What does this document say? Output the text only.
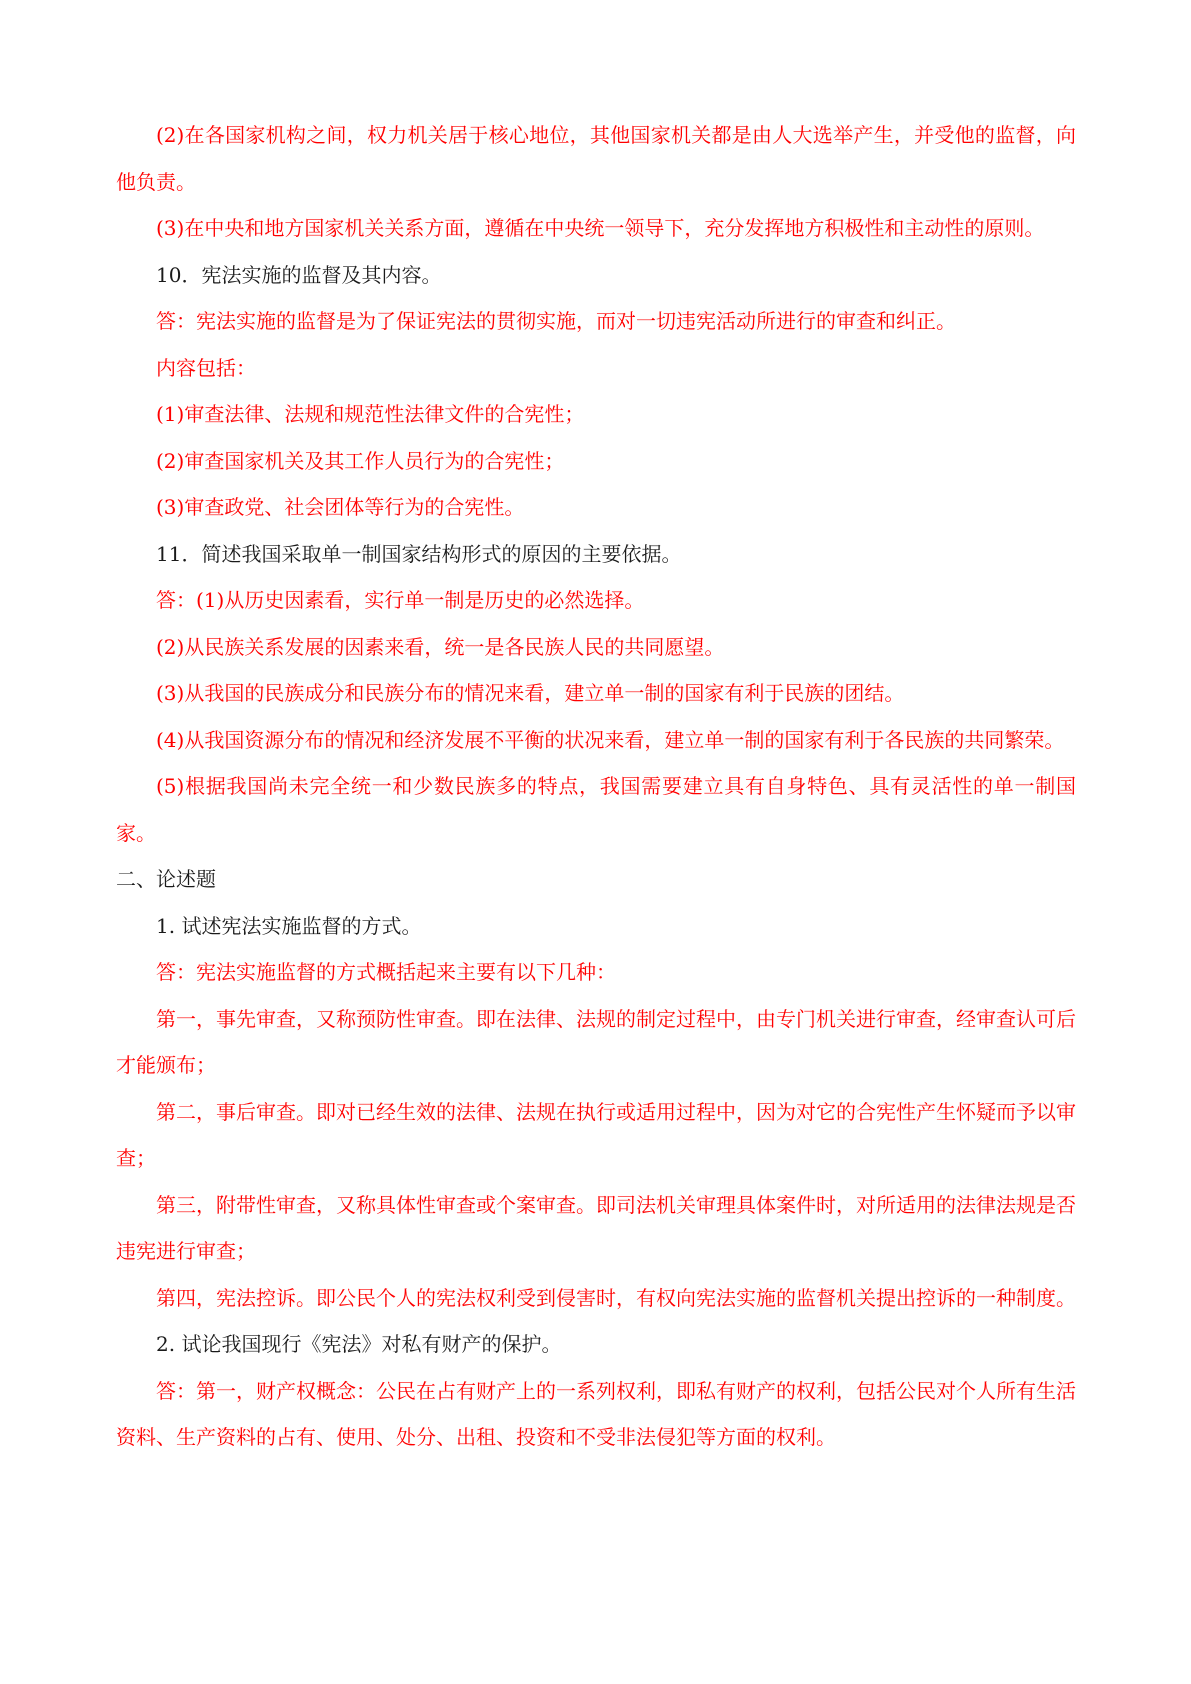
(2)在各国家机构之间，权力机关居于核心地位，其他国家机关都是由人大选举产生，并受他的监督，向他负责。

(3)在中央和地方国家机关关系方面，遵循在中央统一领导下，充分发挥地方积极性和主动性的原则。

10．宪法实施的监督及其内容。

答：宪法实施的监督是为了保证宪法的贯彻实施，而对一切违宪活动所进行的审查和纠正。

内容包括：

(1)审查法律、法规和规范性法律文件的合宪性；

(2)审查国家机关及其工作人员行为的合宪性；

(3)审查政党、社会团体等行为的合宪性。

11．简述我国采取单一制国家结构形式的原因的主要依据。

答：(1)从历史因素看，实行单一制是历史的必然选择。

(2)从民族关系发展的因素来看，统一是各民族人民的共同愿望。

(3)从我国的民族成分和民族分布的情况来看，建立单一制的国家有利于民族的团结。

(4)从我国资源分布的情况和经济发展不平衡的状况来看，建立单一制的国家有利于各民族的共同繁荣。

(5)根据我国尚未完全统一和少数民族多的特点，我国需要建立具有自身特色、具有灵活性的单一制国家。

二、论述题

1. 试述宪法实施监督的方式。

答：宪法实施监督的方式概括起来主要有以下几种：

第一，事先审查，又称预防性审查。即在法律、法规的制定过程中，由专门机关进行审查，经审查认可后才能颁布；

第二，事后审查。即对已经生效的法律、法规在执行或适用过程中，因为对它的合宪性产生怀疑而予以审查；

第三，附带性审查，又称具体性审查或个案审查。即司法机关审理具体案件时，对所适用的法律法规是否违宪进行审查；

第四，宪法控诉。即公民个人的宪法权利受到侵害时，有权向宪法实施的监督机关提出控诉的一种制度。

2. 试论我国现行《宪法》对私有财产的保护。

答：第一，财产权概念：公民在占有财产上的一系列权利，即私有财产的权利，包括公民对个人所有生活资料、生产资料的占有、使用、处分、出租、投资和不受非法侵犯等方面的权利。
